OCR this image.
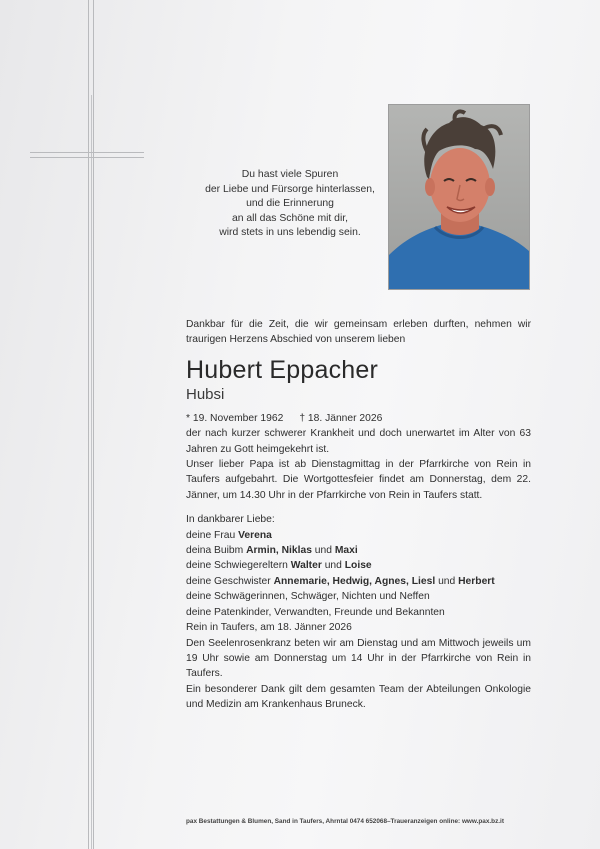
Du hast viele Spuren
der Liebe und Fürsorge hinterlassen,
und die Erinnerung
an all das Schöne mit dir,
wird stets in uns lebendig sein.

Dankbar für die Zeit, die wir gemeinsam erleben durften, nehmen wir traurigen Herzens Abschied von unserem lieben

Hubert Eppacher
Hubsi
* 19. November 1962 † 18. Jänner 2026

der nach kurzer schwerer Krankheit und doch unerwartet im Alter von 63 Jahren zu Gott heimgekehrt ist.

Unser lieber Papa ist ab Dienstagmittag in der Pfarrkirche von Rein in Taufers aufgebahrt. Die Wortgottesfeier findet am Donnerstag, dem 22. Jänner, um 14.30 Uhr in der Pfarrkirche von Rein in Taufers statt.

In dankbarer Liebe:
deine Frau Verena
deina Buibm Armin, Niklas und Maxi
deine Schwiegereltern Walter und Loise
deine Geschwister Annemarie, Hedwig, Agnes, Liesl und Herbert
deine Schwägerinnen, Schwäger, Nichten und Neffen
deine Patenkinder, Verwandten, Freunde und Bekannten

Rein in Taufers, am 18. Jänner 2026

Den Seelenrosenkranz beten wir am Dienstag und am Mittwoch jeweils um 19 Uhr sowie am Donnerstag um 14 Uhr in der Pfarrkirche von Rein in Taufers.

Ein besonderer Dank gilt dem gesamten Team der Abteilungen Onkologie und Medizin am Krankenhaus Bruneck.

pax Bestattungen & Blumen, Sand in Taufers, Ahrntal 0474 652068–Traueranzeigen online: www.pax.bz.it
